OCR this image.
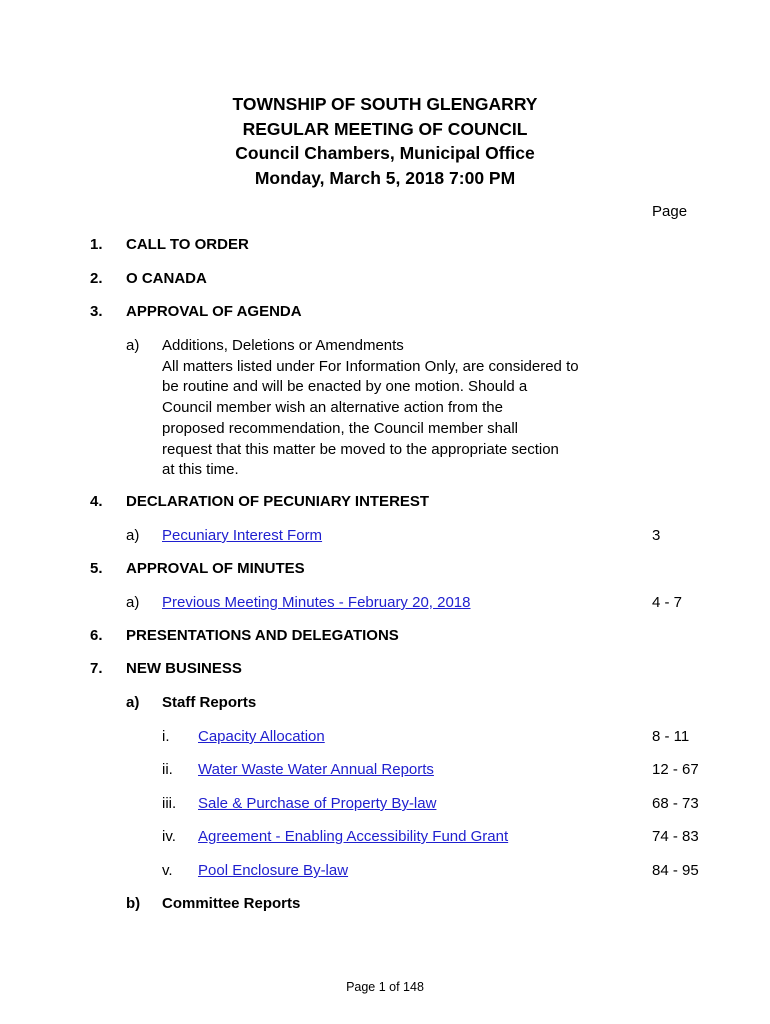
TOWNSHIP OF SOUTH GLENGARRY
REGULAR MEETING OF COUNCIL
Council Chambers, Municipal Office
Monday, March 5, 2018 7:00 PM
Page
1. CALL TO ORDER
2. O CANADA
3. APPROVAL OF AGENDA
a) Additions, Deletions or Amendments
All matters listed under For Information Only, are considered to
be routine and will be enacted by one motion. Should a
Council member wish an alternative action from the
proposed recommendation, the Council member shall
request that this matter be moved to the appropriate section
at this time.
4. DECLARATION OF PECUNIARY INTEREST
a) Pecuniary Interest Form	3
5. APPROVAL OF MINUTES
a) Previous Meeting Minutes - February 20, 2018	4 - 7
6. PRESENTATIONS AND DELEGATIONS
7. NEW BUSINESS
a) Staff Reports
i. Capacity Allocation	8 - 11
ii. Water Waste Water Annual Reports	12 - 67
iii. Sale & Purchase of Property By-law	68 - 73
iv. Agreement - Enabling Accessibility Fund Grant	74 - 83
v. Pool Enclosure By-law	84 - 95
b) Committee Reports
Page 1 of 148
